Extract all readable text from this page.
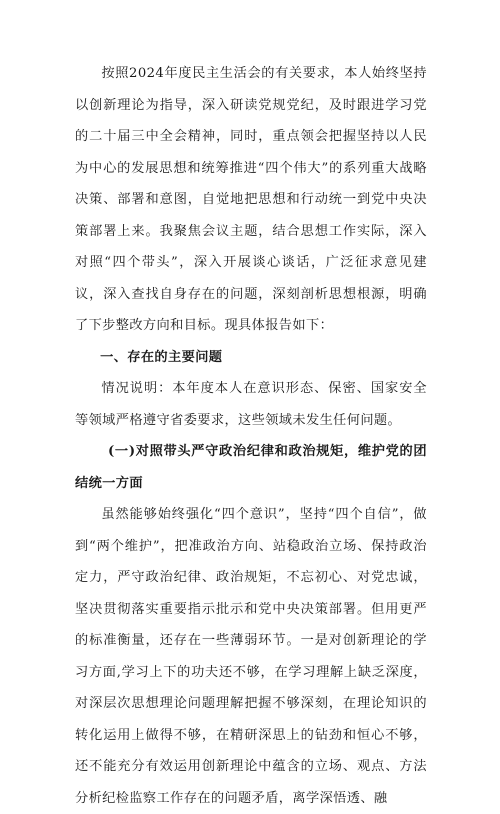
按照2024年度民主生活会的有关要求，本人始终坚持以创新理论为指导，深入研读党规党纪，及时跟进学习党的二十届三中全会精神，同时，重点领会把握坚持以人民为中心的发展思想和统筹推进“四个伟大”的系列重大战略决策、部署和意图，自觉地把思想和行动统一到党中央决策部署上来。我聚焦会议主题，结合思想工作实际，深入对照“四个带头”，深入开展谈心谈话，广泛征求意见建议，深入查找自身存在的问题，深刻剖析思想根源，明确了下步整改方向和目标。现具体报告如下：

一、存在的主要问题

情况说明：本年度本人在意识形态、保密、国家安全等领域严格遵守省委要求，这些领域未发生任何问题。

(一)对照带头严守政治纪律和政治规矩，维护党的团结统一方面

虽然能够始终强化“四个意识”，坚持“四个自信”，做到“两个维护”，把准政治方向、站稳政治立场、保持政治定力，严守政治纪律、政治规矩，不忘初心、对党忠诚，坚决贯彻落实重要指示批示和党中央决策部署。但用更严的标准衡量，还存在一些薄弱环节。一是对创新理论的学习方面,学习上下的功夫还不够，在学习理解上缺乏深度，对深层次思想理论问题理解把握不够深刻，在理论知识的转化运用上做得不够，在精研深思上的钻劲和恒心不够，还不能充分有效运用创新理论中蕴含的立场、观点、方法分析纪检监察工作存在的问题矛盾，离学深悟透、融
